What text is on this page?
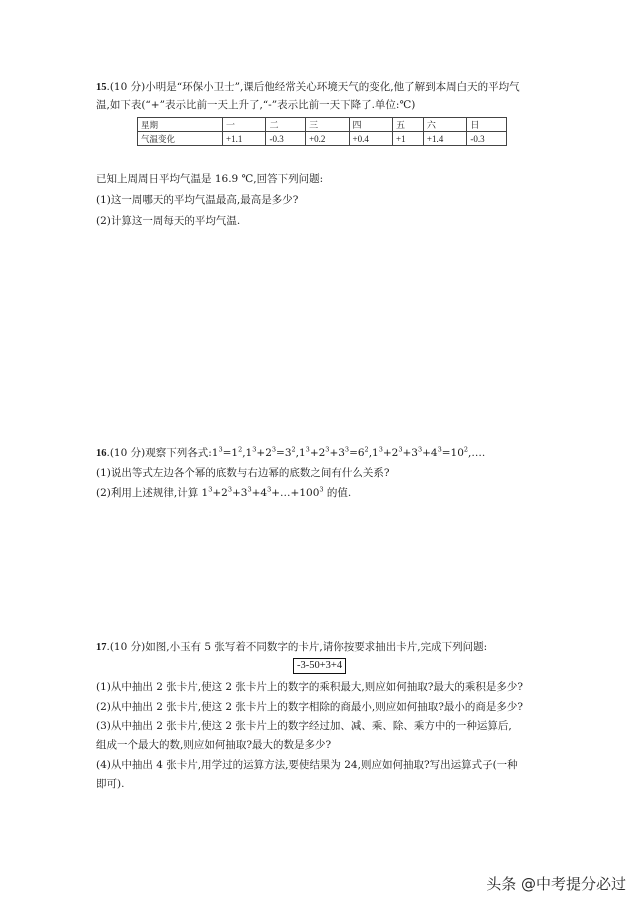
15.(10 分)小明是“环保小卫士”,课后他经常关心环境天气的变化,他了解到本周白天的平均气
温,如下表(“+”表示比前一天上升了,“-”表示比前一天下降了.单位:℃)
星期	一	二	三	四	五	六	日
气温变化	+1.1	-0.3	+0.2	+0.4	+1	+1.4	-0.3
已知上周周日平均气温是 16.9 ℃,回答下列问题:
(1)这一周哪天的平均气温最高,最高是多少?
(2)计算这一周每天的平均气温.
16.(10 分)观察下列各式$:1^3=1^2,1^3+2^3=3^2,1^3+2^3+3^3=6^2,1^3+2^3+3^3+4^3=10^2,\dots$.
(1)说出等式左边各个幂的底数与右边幂的底数之间有什么关系?
(2)利用上述规律,计算 $1^3+2^3+3^3+4^3+\dots+100^3$ 的值.
17.(10 分)如图,小玉有 5 张写着不同数字的卡片,请你按要求抽出卡片,完成下列问题:
-3-50+3+4
(1)从中抽出 2 张卡片,使这 2 张卡片上的数字的乘积最大,则应如何抽取?最大的乘积是多少?
(2)从中抽出 2 张卡片,使这 2 张卡片上的数字相除的商最小,则应如何抽取?最小的商是多少?
(3)从中抽出 2 张卡片,使这 2 张卡片上的数字经过加、减、乘、除、乘方中的一种运算后,
组成一个最大的数,则应如何抽取?最大的数是多少?
(4)从中抽出 4 张卡片,用学过的运算方法,要使结果为 24,则应如何抽取?写出运算式子(一种
即可).
头条 @中考提分必过
